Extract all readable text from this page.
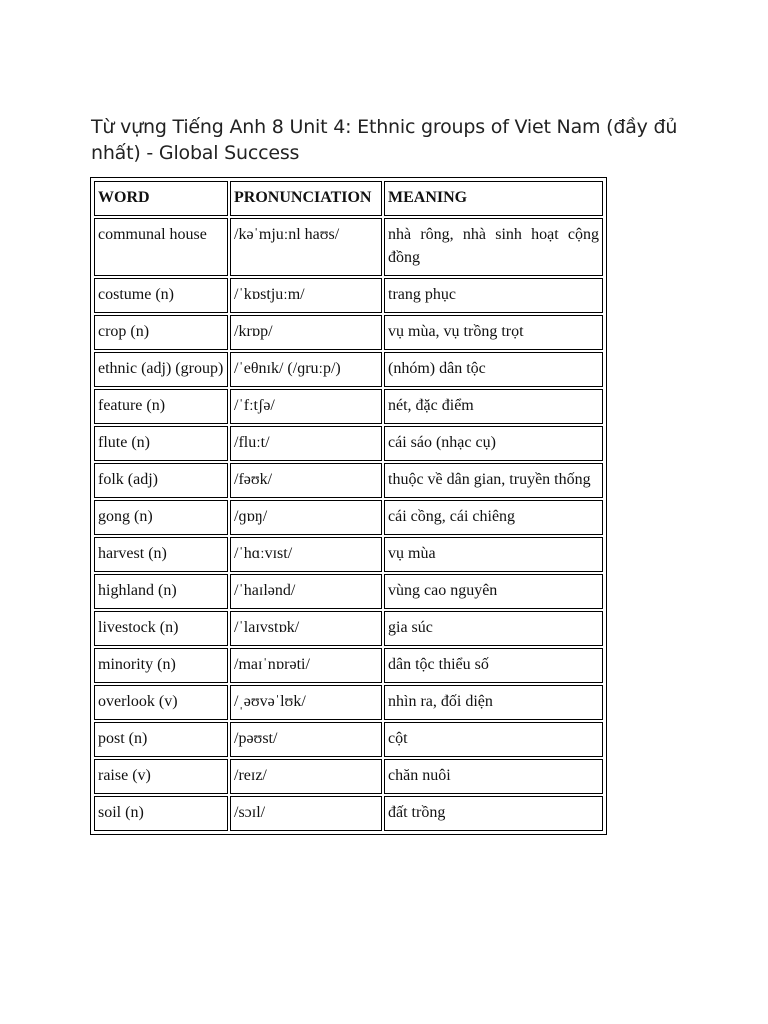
Từ vựng Tiếng Anh 8 Unit 4: Ethnic groups of Viet Nam (đầy đủ nhất) - Global Success
WORD	PRONUNCIATION	MEANING
communal house	/kəˈmjuːnl haʊs/	nhà rông, nhà sinh hoạt cộng đồng
costume (n)	/ˈkɒstjuːm/	trang phục
crop (n)	/krɒp/	vụ mùa, vụ trồng trọt
ethnic (adj) (group)	/ˈeθnɪk/ (/ɡruːp/)	(nhóm) dân tộc
feature (n)	/ˈfːtʃə/	nét, đặc điểm
flute (n)	/fluːt/	cái sáo (nhạc cụ)
folk (adj)	/fəʊk/	thuộc về dân gian, truyền thống
gong (n)	/ɡɒŋ/	cái cồng, cái chiêng
harvest (n)	/ˈhɑːvɪst/	vụ mùa
highland (n)	/ˈhaɪlənd/	vùng cao nguyên
livestock (n)	/ˈlaɪvstɒk/	gia súc
minority (n)	/maɪˈnɒrəti/	dân tộc thiểu số
overlook (v)	/ˌəʊvəˈlʊk/	nhìn ra, đối diện
post (n)	/pəʊst/	cột
raise (v)	/reɪz/	chăn nuôi
soil (n)	/sɔɪl/	đất trồng
